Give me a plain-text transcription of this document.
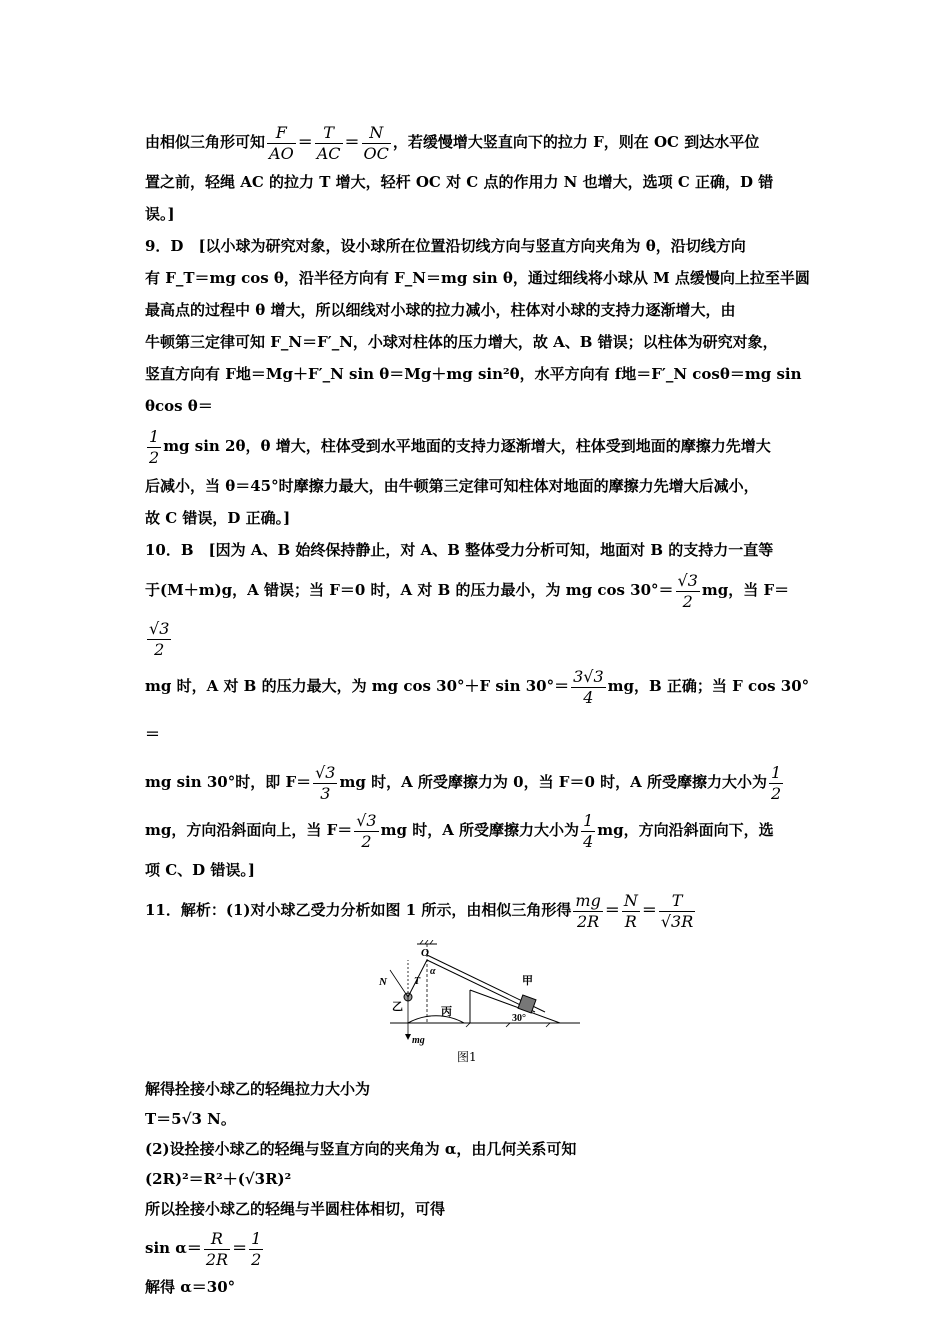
由相似三角形可知 $\frac{F}{AO} = \frac{T}{AC} = \frac{N}{OC}$ ，若缓慢增大竖直向下的拉力 F，则在 OC 到达水平位
置之前，轻绳 AC 的拉力 T 增大，轻杆 OC 对 C 点的作用力 N 也增大，选项 C 正确，D 错
误。]
9．D　[以小球为研究对象，设小球所在位置沿切线方向与竖直方向夹角为 θ，沿切线方向
有 F_T＝mg cos θ，沿半径方向有 F_N＝mg sin θ，通过细线将小球从 M 点缓慢向上拉至半圆
最高点的过程中 θ 增大，所以细线对小球的拉力减小，柱体对小球的支持力逐渐增大，由
牛顿第三定律可知 F_N＝F′_N，小球对柱体的压力增大，故 A、B 错误；以柱体为研究对象，
竖直方向有 F地＝Mg＋F′_N sin θ＝Mg＋mg sin²θ，水平方向有 f地＝F′_N cosθ＝mg sin θcos θ＝
$\frac{1}{2}$ mg sin 2θ，θ 增大，柱体受到水平地面的支持力逐渐增大，柱体受到地面的摩擦力先增大
后减小，当 θ＝45°时摩擦力最大，由牛顿第三定律可知柱体对地面的摩擦力先增大后减小，
故 C 错误，D 正确。]
10．B　[因为 A、B 始终保持静止，对 A、B 整体受力分析可知，地面对 B 的支持力一直等
于(M＋m)g，A 错误；当 F＝0 时，A 对 B 的压力最小，为 mg $\cos 30^\circ= \frac{√3}{2}$ mg，当 F＝
$\frac{√3}{2}$
mg 时，A 对 B 的压力最大，为 mg cos 30°＋F $\sin 30^\circ= \frac{3√3}{4}$ mg，B 正确；当 F cos 30°＝
mg sin 30°时，即 $F= \frac{√3}{3}$ mg 时，A 所受摩擦力为 0，当 F＝0 时，A 所受摩擦力大小为 $\frac{1}{2}$
mg，方向沿斜面向上，当 $F= \frac{√3}{2}$ mg 时，A 所受摩擦力大小为 $\frac{1}{4}$ mg，方向沿斜面向下，选
项 C、D 错误。]
11．解析：(1)对小球乙受力分析如图 1 所示，由相似三角形得 $\frac{mg}{2R} = \frac{N}{R} = \frac{T}{√3R}$
O
α
T
N
乙	丙
甲
30°
mg
图1
解得拴接小球乙的轻绳拉力大小为
T＝5√3 N。
(2)设拴接小球乙的轻绳与竖直方向的夹角为 α，由几何关系可知
(2R)²＝R²＋(√3R)²
所以拴接小球乙的轻绳与半圆柱体相切，可得
$\sin \alpha= \frac{R}{2R} = \frac{1}{2}$
解得 α＝30°
